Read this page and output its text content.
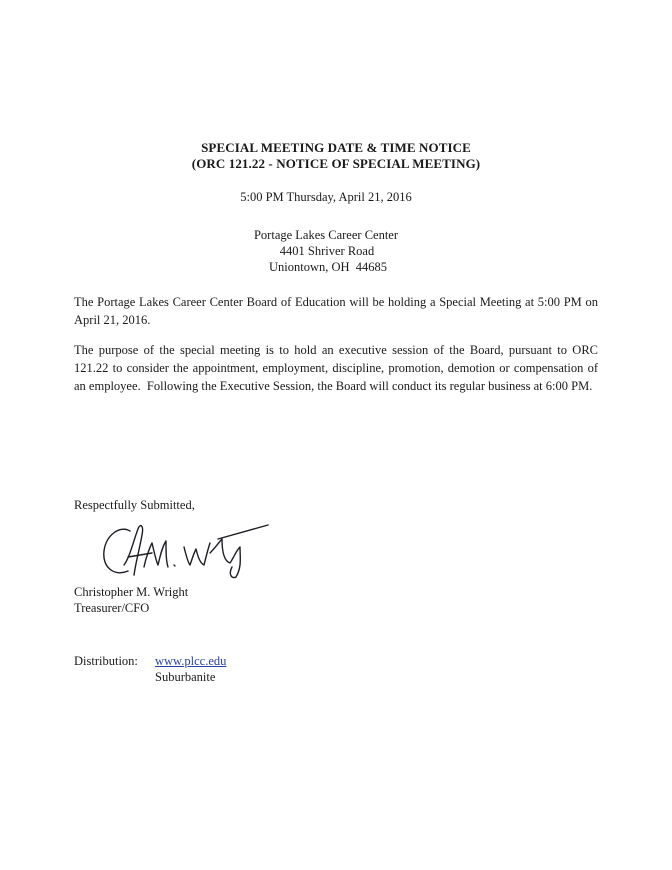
SPECIAL MEETING DATE & TIME NOTICE
(ORC 121.22 - NOTICE OF SPECIAL MEETING)
5:00 PM Thursday, April 21, 2016
Portage Lakes Career Center
4401 Shriver Road
Uniontown, OH  44685

The Portage Lakes Career Center Board of Education will be holding a Special Meeting at 5:00 PM on April 21, 2016.

The purpose of the special meeting is to hold an executive session of the Board, pursuant to ORC 121.22 to consider the appointment, employment, discipline, promotion, demotion or compensation of an employee.  Following the Executive Session, the Board will conduct its regular business at 6:00 PM.

Respectfully Submitted,
Christopher M. Wright
Treasurer/CFO
Distribution: www.plcc.edu
Suburbanite
